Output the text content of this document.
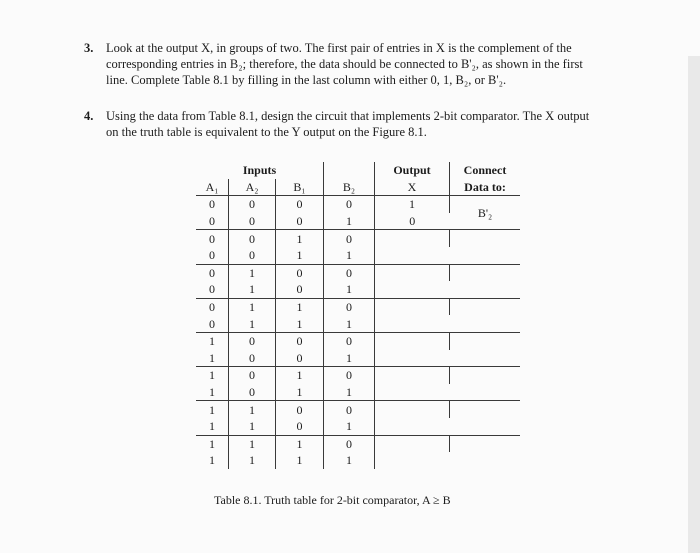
3. Look at the output X, in groups of two. The first pair of entries in X is the complement of the
corresponding entries in B₂; therefore, the data should be connected to B'₂, as shown in the first
line. Complete Table 8.1 by filling in the last column with either 0, 1, B₂, or B'₂.
4. Using the data from Table 8.1, design the circuit that implements 2-bit comparator. The X output
on the truth table is equivalent to the Y output on the Figure 8.1.
Inputs				Output	Connect
A₁	A₂	B₁	B₂	X	Data to:
0	0	0	0	1	B'₂
0	0	0	1	0	
0	0	1	0		
0	0	1	1		
0	1	0	0		
0	1	0	1		
0	1	1	0		
0	1	1	1		
1	0	0	0		
1	0	0	1		
1	0	1	0		
1	0	1	1		
1	1	0	0		
1	1	0	1		
1	1	1	0		
1	1	1	1		
Table 8.1. Truth table for 2-bit comparator, A ≥ B
